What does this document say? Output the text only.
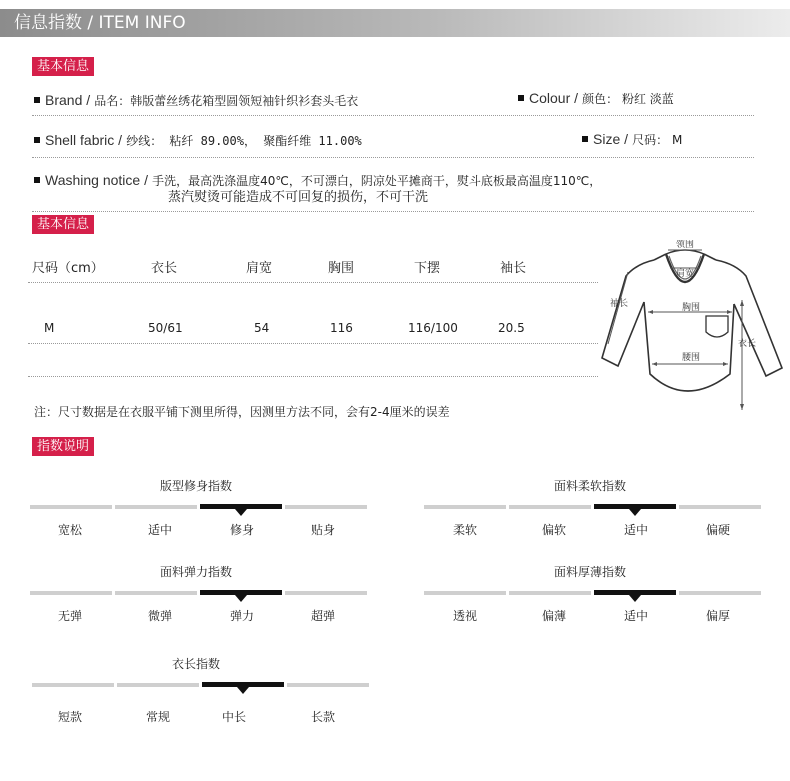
信息指数 / ITEM INFO
基本信息
Brand / 品名：韩版蕾丝绣花箱型圆领短袖针织衫套头毛衣	Colour / 颜色： 粉红 淡蓝
Shell fabric / 纱线： 粘纤 89.00%， 聚酯纤维 11.00%	Size / 尺码： M
Washing notice / 手洗，最高洗涤温度40℃，不可漂白，阴凉处平摊商干，熨斗底板最高温度110℃，
蒸汽熨烫可能造成不可回复的损伤，不可干洗
基本信息
尺码（cm）	衣长	肩宽	胸围	下摆	袖长
M	50/61	54	116	116/100	20.5
注：尺寸数据是在衣服平铺下测里所得，因测里方法不同，会有2-4厘米的误差
领围
肩宽
袖长	胸围
衣长
腰围
指数说明
版型修身指数
宽松	适中	修身	贴身
面料柔软指数
柔软	偏软	适中	偏硬
面料弹力指数
无弹	微弹	弹力	超弹
面料厚薄指数
透视	偏薄	适中	偏厚
衣长指数
短款	常规	中长	长款
